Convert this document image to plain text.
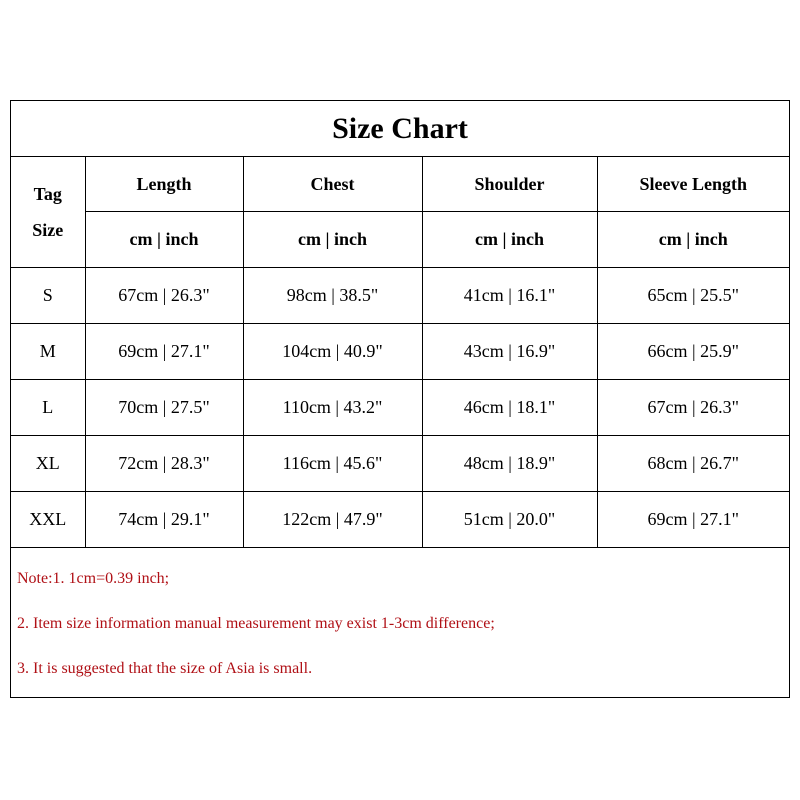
Size Chart
Tag
Size	Length	Chest	Shoulder	Sleeve Length
	cm | inch	cm | inch	cm | inch	cm | inch
S	67cm | 26.3"	98cm | 38.5"	41cm | 16.1"	65cm | 25.5"
M	69cm | 27.1"	104cm | 40.9"	43cm | 16.9"	66cm | 25.9"
L	70cm | 27.5"	110cm | 43.2"	46cm | 18.1"	67cm | 26.3"
XL	72cm | 28.3"	116cm | 45.6"	48cm | 18.9"	68cm | 26.7"
XXL	74cm | 29.1"	122cm | 47.9"	51cm | 20.0"	69cm | 27.1"
Note:1. 1cm=0.39 inch;
2. Item size information manual measurement may exist 1-3cm difference;
3. It is suggested that the size of Asia is small.
